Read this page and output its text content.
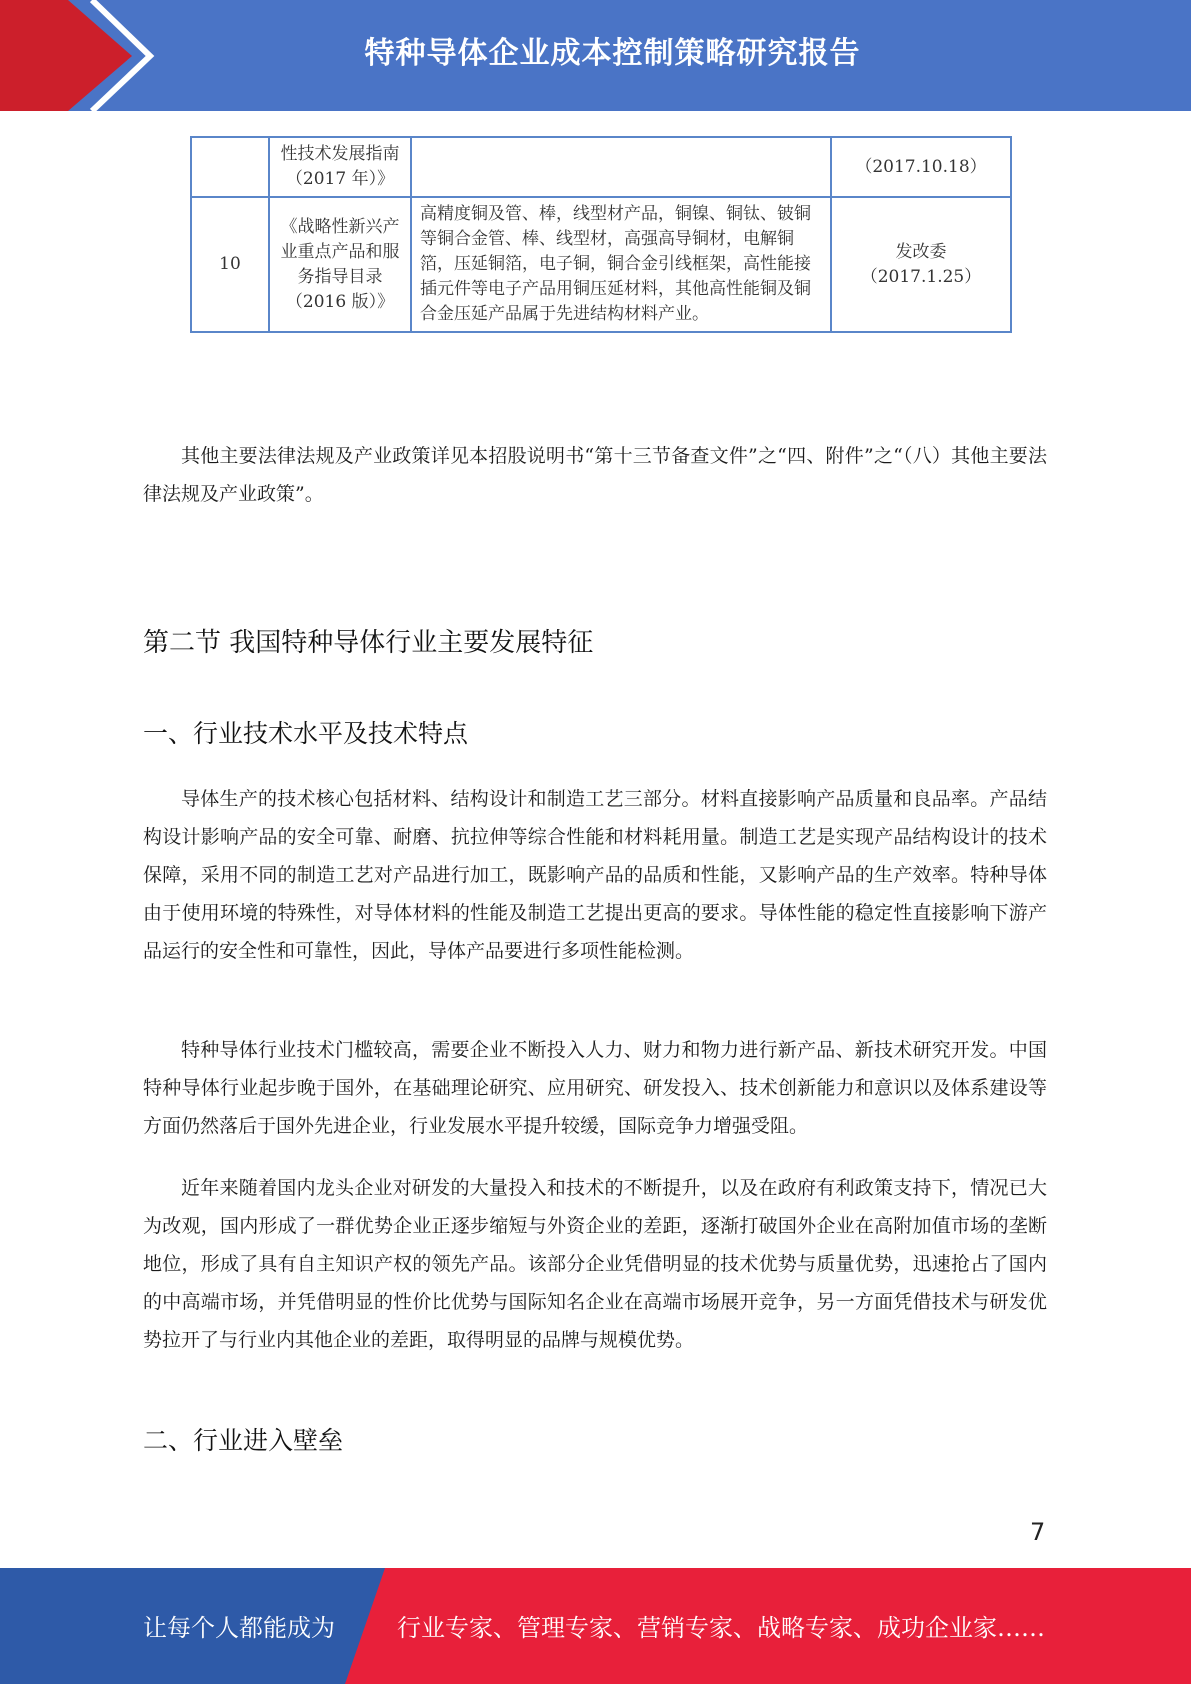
特种导体企业成本控制策略研究报告
	性技术发展指南（2017 年）》		（2017.10.18）
10	《战略性新兴产业重点产品和服务指导目录（2016 版）》	高精度铜及管、棒，线型材产品，铜镍、铜钛、铍铜等铜合金管、棒、线型材，高强高导铜材，电解铜箔，压延铜箔，电子铜，铜合金引线框架，高性能接插元件等电子产品用铜压延材料，其他高性能铜及铜合金压延产品属于先进结构材料产业。	发改委
（2017.1.25）

其他主要法律法规及产业政策详见本招股说明书“第十三节备查文件”之“四、附件”之“（八）其他主要法律法规及产业政策”。

第二节 我国特种导体行业主要发展特征
一、行业技术水平及技术特点

导体生产的技术核心包括材料、结构设计和制造工艺三部分。材料直接影响产品质量和良品率。产品结构设计影响产品的安全可靠、耐磨、抗拉伸等综合性能和材料耗用量。制造工艺是实现产品结构设计的技术保障，采用不同的制造工艺对产品进行加工，既影响产品的品质和性能，又影响产品的生产效率。特种导体由于使用环境的特殊性，对导体材料的性能及制造工艺提出更高的要求。导体性能的稳定性直接影响下游产品运行的安全性和可靠性，因此，导体产品要进行多项性能检测。

特种导体行业技术门槛较高，需要企业不断投入人力、财力和物力进行新产品、新技术研究开发。中国特种导体行业起步晚于国外，在基础理论研究、应用研究、研发投入、技术创新能力和意识以及体系建设等方面仍然落后于国外先进企业，行业发展水平提升较缓，国际竞争力增强受阻。

近年来随着国内龙头企业对研发的大量投入和技术的不断提升，以及在政府有利政策支持下，情况已大为改观，国内形成了一群优势企业正逐步缩短与外资企业的差距，逐渐打破国外企业在高附加值市场的垄断地位，形成了具有自主知识产权的领先产品。该部分企业凭借明显的技术优势与质量优势，迅速抢占了国内的中高端市场，并凭借明显的性价比优势与国际知名企业在高端市场展开竞争，另一方面凭借技术与研发优势拉开了与行业内其他企业的差距，取得明显的品牌与规模优势。

二、行业进入壁垒
7
让每个人都能成为	行业专家、管理专家、营销专家、战略专家、成功企业家……
